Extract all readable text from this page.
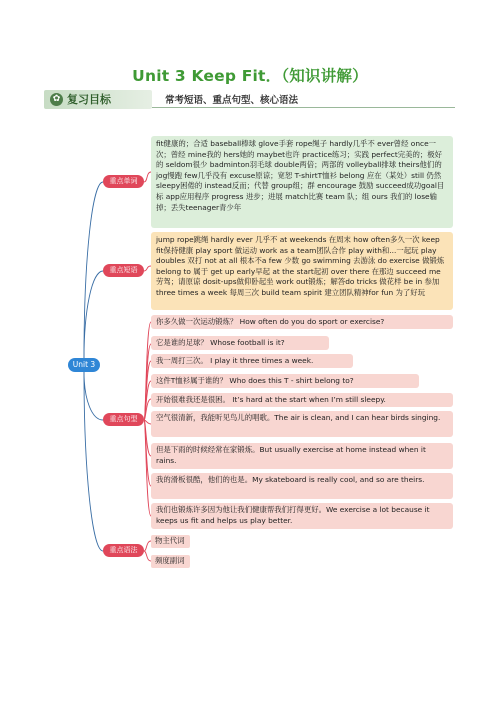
Unit 3 Keep Fit．（知识讲解）
✿ 复习目标	常考短语、重点句型、核心语法
Unit 3
重点单词
重点短语
重点句型
重点语法
fit健康的；合适 baseball棒球 glove手套 rope绳子 hardly几乎不 ever曾经 once一次；曾经 mine我的 hers她的 maybet也许 practice练习；实践 perfect完美的；极好的 seldom很少 badminton羽毛球 double两倍；两部的 volleyball排球 theirs他们的 jog慢跑 few几乎没有 excuse原谅；宽恕 T-shirtT恤衫 belong 应在（某处）still 仍然 sleepy困倦的 instead反而；代替 group组；群 encourage 鼓励 succeed成功goal目标 app应用程序 progress 进步；进展 match比赛 team 队；组 ours 我们的 lose输掉；丢失teenager青少年
jump rope跳绳 hardly ever 几乎不 at weekends 在周末 how often多久一次 keep fit保持健康 play sport 做运动 work as a team团队合作 play with和...一起玩 play doubles 双打 not at all 根本不a few 少数 go swimming 去游泳 do exercise 做锻炼 belong to 属于 get up early早起 at the start起初 over there 在那边 succeed me劳驾；请原谅 dosit-ups做仰卧起坐 work out锻炼；解答do tricks 做花样 be in 参加 three times a week 每周三次 build team spirit 建立团队精神for fun 为了好玩
你多久做一次运动锻炼？ How often do you do sport or exercise?
它是谁的足球？ Whose football is it?
我一周打三次。 I play it three times a week.
这件T恤衫属于谁的？ Who does this T - shirt belong to?
开始很难我还是很困。 It’s hard at the start when I’m still sleepy.
空气很清新，我能听见鸟儿的唱歌。The air is clean, and I can hear birds singing.
但是下雨的时候经常在家锻炼。But usually exercise at home instead when it rains.
我的滑板很酷，他们的也是。My skateboard is really cool, and so are theirs.
我们也锻炼许多因为他让我们健康帮我们打得更好。We exercise a lot because it keeps us fit and helps us play better.
物主代词
频度副词
